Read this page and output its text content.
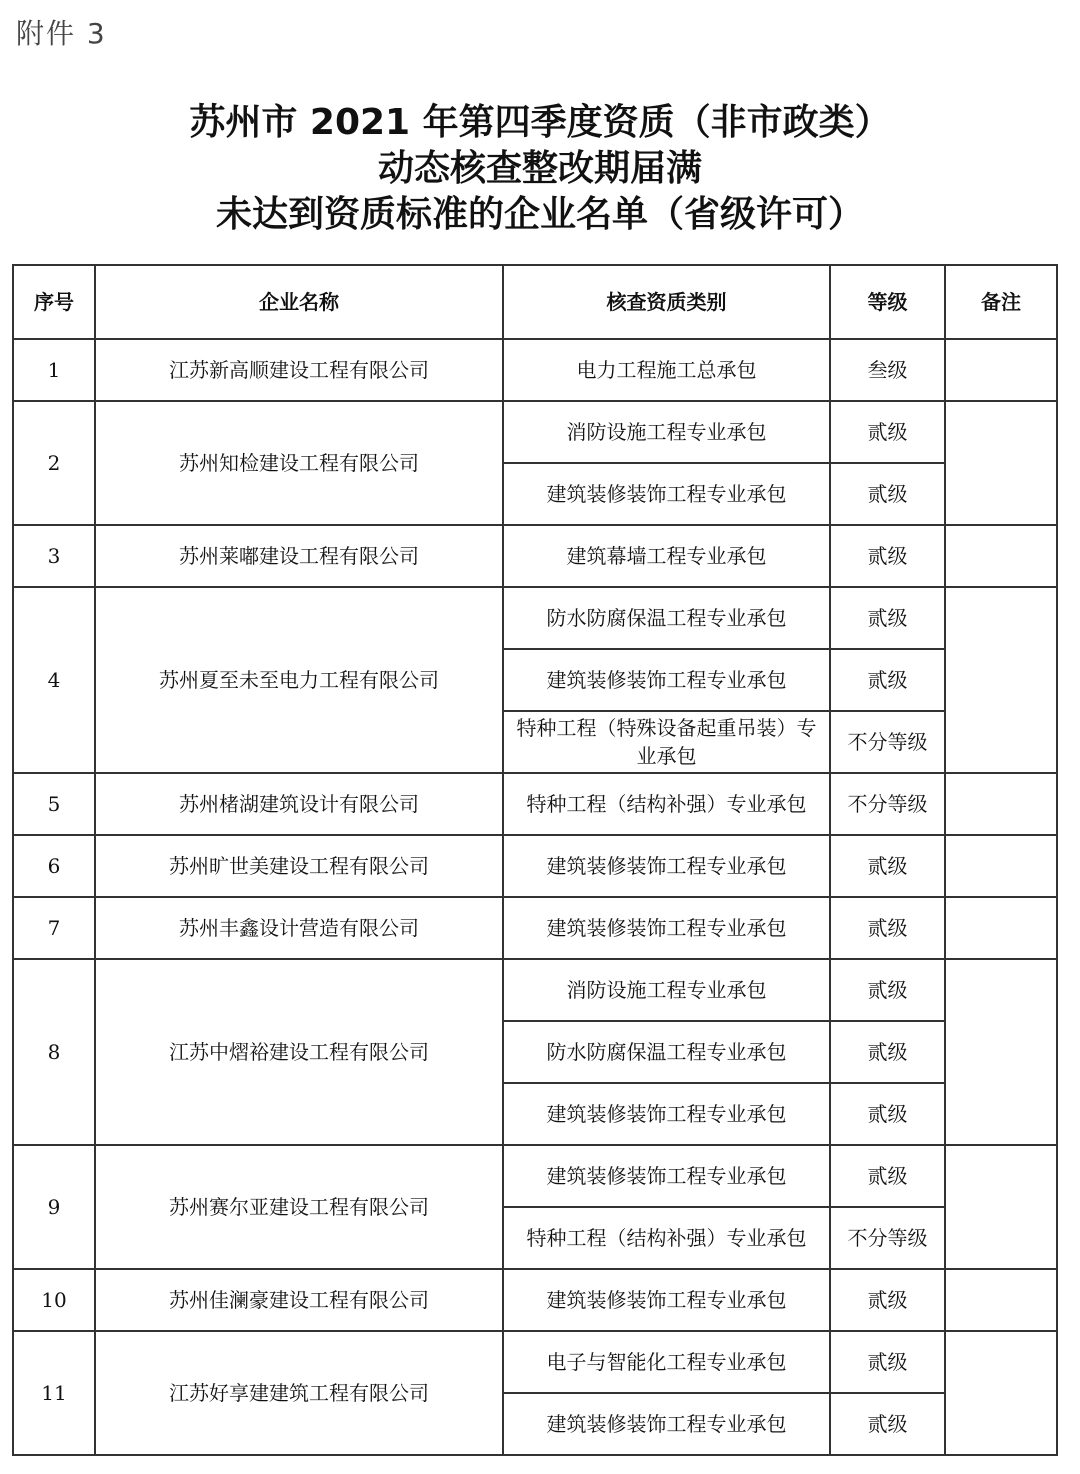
附件 3
苏州市 2021 年第四季度资质（非市政类）
动态核查整改期届满
未达到资质标准的企业名单（省级许可）
序号	企业名称	核查资质类别	等级	备注
1	江苏新高顺建设工程有限公司	电力工程施工总承包	叁级	
2	苏州知检建设工程有限公司	消防设施工程专业承包	贰级	
		建筑装修装饰工程专业承包	贰级	
3	苏州莱嘟建设工程有限公司	建筑幕墙工程专业承包	贰级	
4	苏州夏至未至电力工程有限公司	防水防腐保温工程专业承包	贰级	
		建筑装修装饰工程专业承包	贰级	
		特种工程（特殊设备起重吊装）专业承包	不分等级	
5	苏州楮湖建筑设计有限公司	特种工程（结构补强）专业承包	不分等级	
6	苏州旷世美建设工程有限公司	建筑装修装饰工程专业承包	贰级	
7	苏州丰鑫设计营造有限公司	建筑装修装饰工程专业承包	贰级	
8	江苏中熠裕建设工程有限公司	消防设施工程专业承包	贰级	
		防水防腐保温工程专业承包	贰级	
		建筑装修装饰工程专业承包	贰级	
9	苏州赛尔亚建设工程有限公司	建筑装修装饰工程专业承包	贰级	
		特种工程（结构补强）专业承包	不分等级	
10	苏州佳澜豪建设工程有限公司	建筑装修装饰工程专业承包	贰级	
11	江苏好享建建筑工程有限公司	电子与智能化工程专业承包	贰级	
		建筑装修装饰工程专业承包	贰级	
